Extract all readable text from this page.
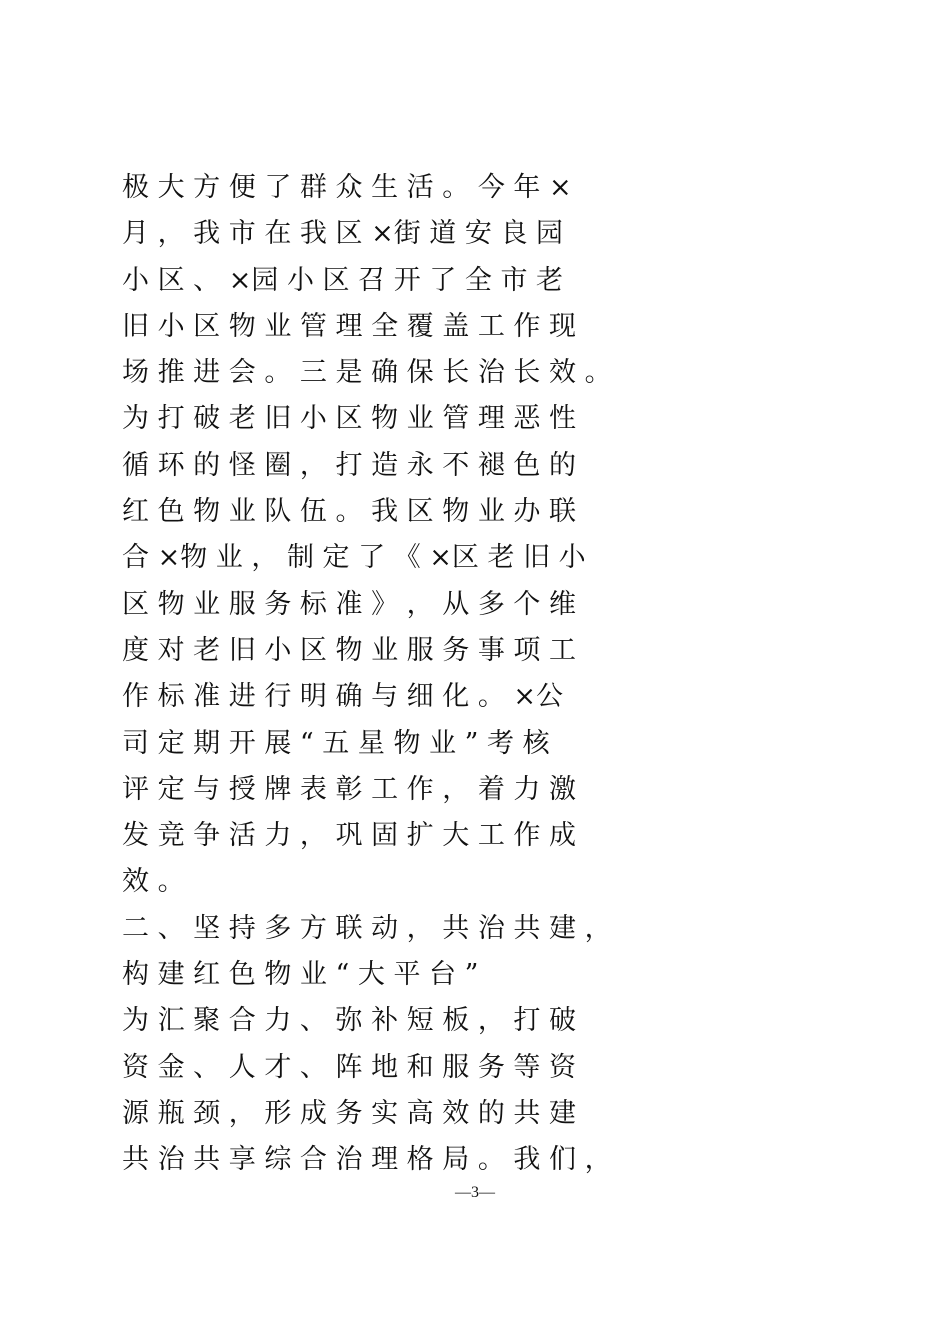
极 大 方 便 了 群 众 生 活 。 今 年 ×
月 ， 我 市 在 我 区 ×街 道 安 良 园
小 区 、 ×园 小 区 召 开 了 全 市 老
旧 小 区 物 业 管 理 全 覆 盖 工 作 现
场 推 进 会 。 三 是 确 保 长 治 长 效 。
为 打 破 老 旧 小 区 物 业 管 理 恶 性
循 环 的 怪 圈 ， 打 造 永 不 褪 色 的
红 色 物 业 队 伍 。 我 区 物 业 办 联
合 ×物 业 ， 制 定 了 《 ×区 老 旧 小
区 物 业 服 务 标 准 》 ， 从 多 个 维
度 对 老 旧 小 区 物 业 服 务 事 项 工
作 标 准 进 行 明 确 与 细 化 。 ×公
司 定 期 开 展 “ 五 星 物 业 ” 考 核
评 定 与 授 牌 表 彰 工 作 ， 着 力 激
发 竞 争 活 力 ， 巩 固 扩 大 工 作 成
效 。
二 、 坚 持 多 方 联 动 ， 共 治 共 建 ，
构 建 红 色 物 业 “ 大 平 台 ”
为 汇 聚 合 力 、 弥 补 短 板 ， 打 破
资 金 、 人 才 、 阵 地 和 服 务 等 资
源 瓶 颈 ， 形 成 务 实 高 效 的 共 建
共 治 共 享 综 合 治 理 格 局 。 我 们 ，
—3—
